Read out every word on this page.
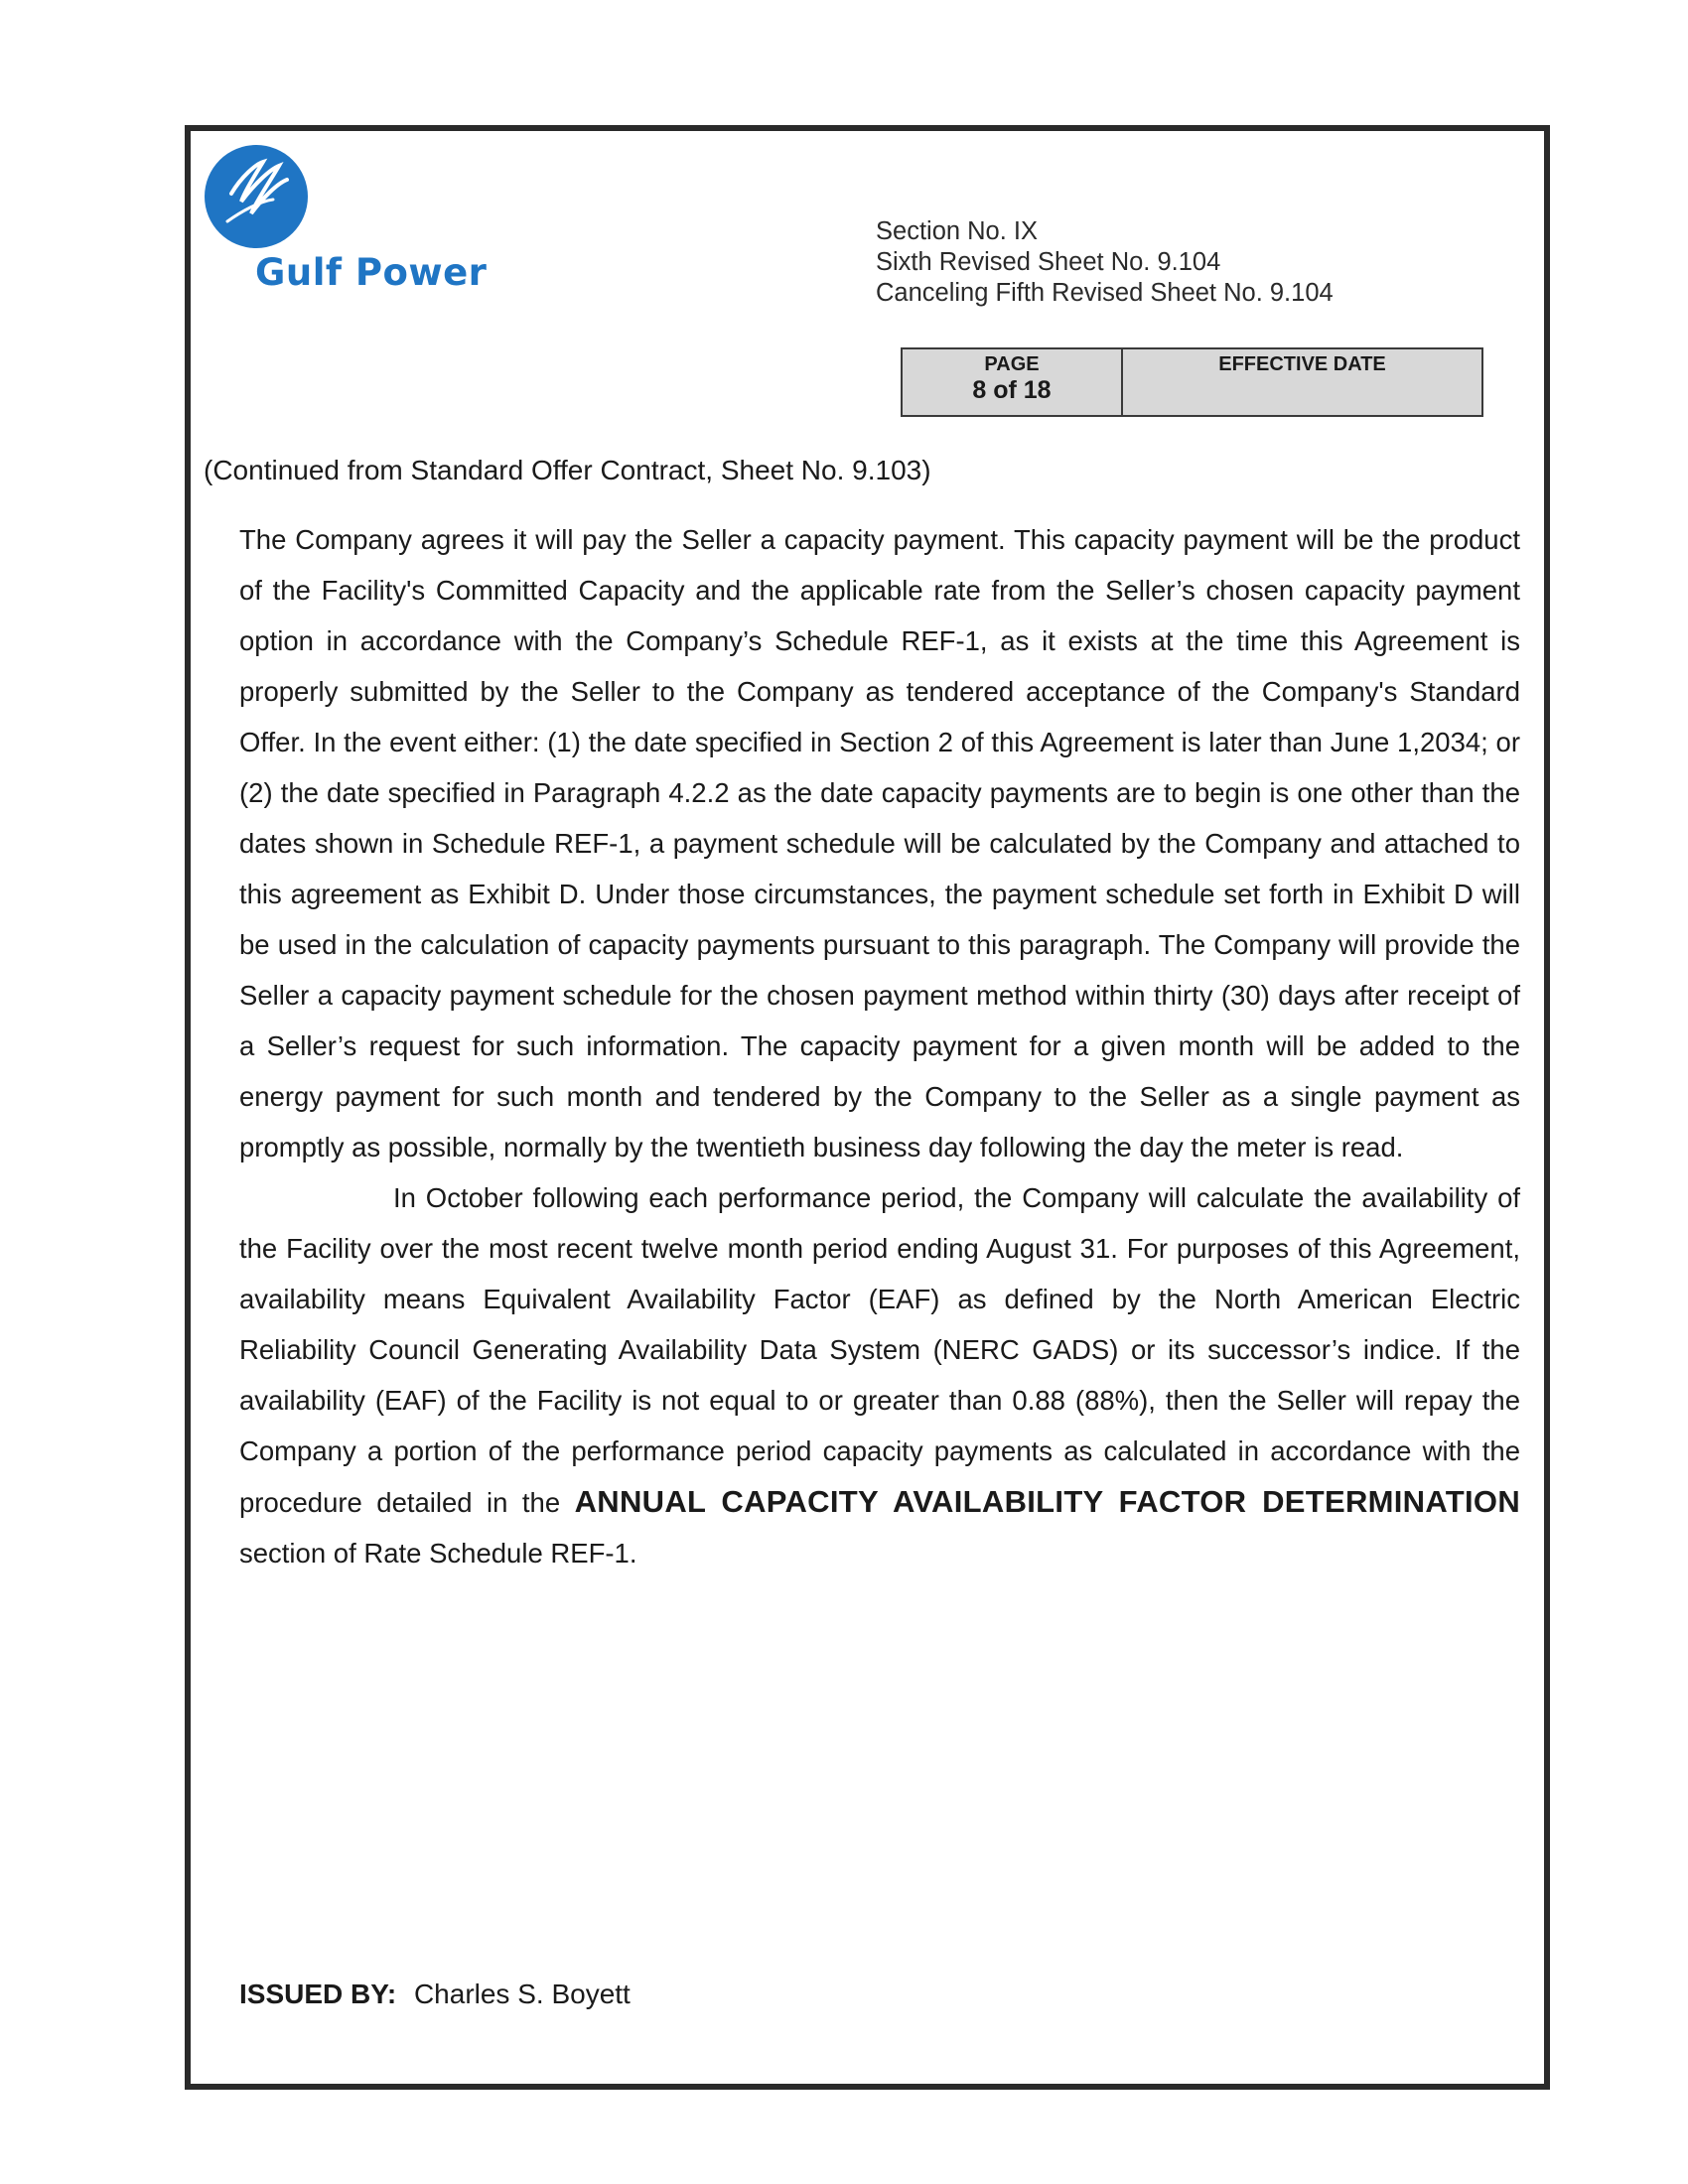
Gulf Power
Section No. IX
Sixth Revised Sheet No. 9.104
Canceling Fifth Revised Sheet No. 9.104
PAGE
8 of 18
EFFECTIVE DATE
(Continued from Standard Offer Contract, Sheet No. 9.103)

The Company agrees it will pay the Seller a capacity payment. This capacity payment will be the product of the Facility's Committed Capacity and the applicable rate from the Seller’s chosen capacity payment option in accordance with the Company’s Schedule REF-1, as it exists at the time this Agreement is properly submitted by the Seller to the Company as tendered acceptance of the Company's Standard Offer. In the event either: (1) the date specified in Section 2 of this Agreement is later than June 1,2034; or (2) the date specified in Paragraph 4.2.2 as the date capacity payments are to begin is one other than the dates shown in Schedule REF-1, a payment schedule will be calculated by the Company and attached to this agreement as Exhibit D. Under those circumstances, the payment schedule set forth in Exhibit D will be used in the calculation of capacity payments pursuant to this paragraph. The Company will provide the Seller a capacity payment schedule for the chosen payment method within thirty (30) days after receipt of a Seller’s request for such information. The capacity payment for a given month will be added to the energy payment for such month and tendered by the Company to the Seller as a single payment as promptly as possible, normally by the twentieth business day following the day the meter is read.

In October following each performance period, the Company will calculate the availability of the Facility over the most recent twelve month period ending August 31. For purposes of this Agreement, availability means Equivalent Availability Factor (EAF) as defined by the North American Electric Reliability Council Generating Availability Data System (NERC GADS) or its successor’s indice. If the availability (EAF) of the Facility is not equal to or greater than 0.88 (88%), then the Seller will repay the Company a portion of the performance period capacity payments as calculated in accordance with the procedure detailed in the ANNUAL CAPACITY AVAILABILITY FACTOR DETERMINATION section of Rate Schedule REF-1.

ISSUED BY: Charles S. Boyett
